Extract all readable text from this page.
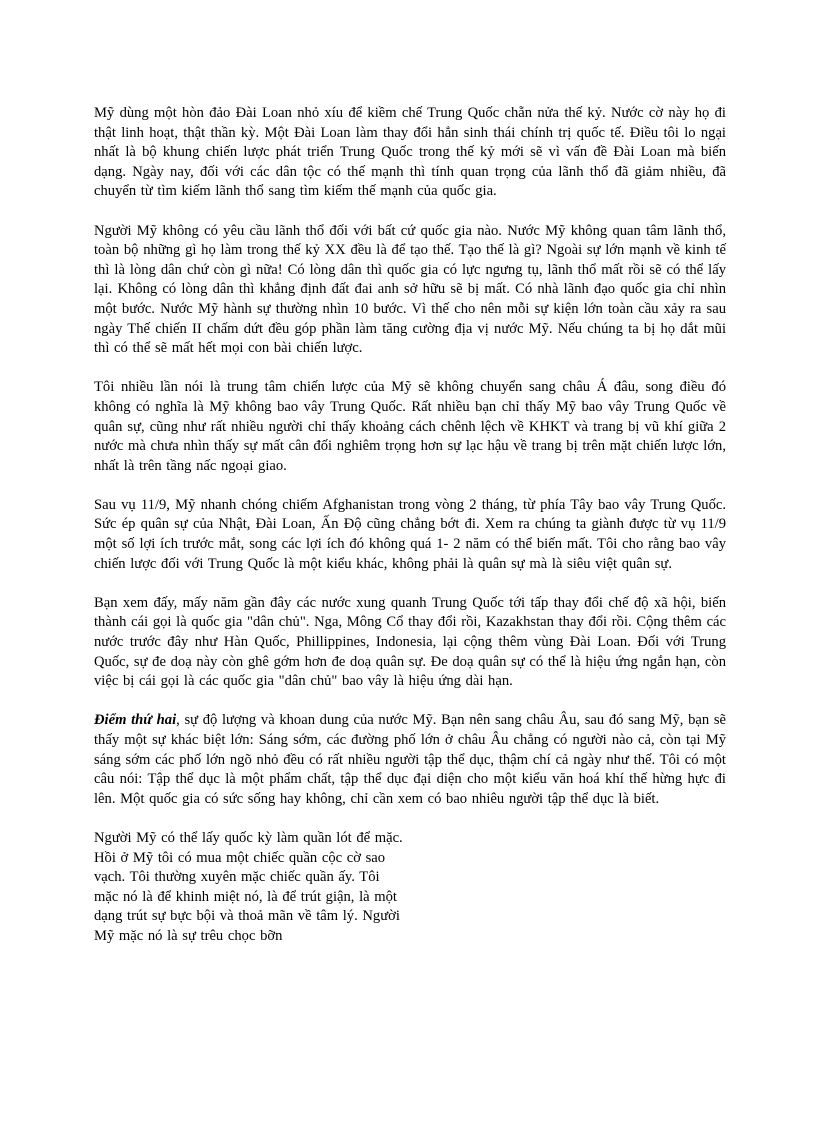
Mỹ dùng một hòn đảo Đài Loan nhỏ xíu để kiềm chế Trung Quốc chẵn nửa thế kỷ. Nước cờ này họ đi thật linh hoạt, thật thần kỳ. Một Đài Loan làm thay đổi hẳn sinh thái chính trị quốc tế. Điều tôi lo ngại nhất là bộ khung chiến lược phát triển Trung Quốc trong thế kỷ mới sẽ vì vấn đề Đài Loan mà biến dạng. Ngày nay, đối với các dân tộc có thế mạnh thì tính quan trọng của lãnh thổ đã giảm nhiều, đã chuyển từ tìm kiếm lãnh thổ sang tìm kiếm thế mạnh của quốc gia.

Người Mỹ không có yêu cầu lãnh thổ đối với bất cứ quốc gia nào. Nước Mỹ không quan tâm lãnh thổ, toàn bộ những gì họ làm trong thế kỷ XX đều là để tạo thế. Tạo thế là gì? Ngoài sự lớn mạnh về kinh tế thì là lòng dân chứ còn gì nữa! Có lòng dân thì quốc gia có lực ngưng tụ, lãnh thổ mất rồi sẽ có thể lấy lại. Không có lòng dân thì khẳng định đất đai anh sở hữu sẽ bị mất. Có nhà lãnh đạo quốc gia chỉ nhìn một bước. Nước Mỹ hành sự thường nhìn 10 bước. Vì thế cho nên mỗi sự kiện lớn toàn cầu xảy ra sau ngày Thế chiến II chấm dứt đều góp phần làm tăng cường địa vị nước Mỹ. Nếu chúng ta bị họ dắt mũi thì có thể sẽ mất hết mọi con bài chiến lược.

Tôi nhiều lần nói là trung tâm chiến lược của Mỹ sẽ không chuyển sang châu Á đâu, song điều đó không có nghĩa là Mỹ không bao vây Trung Quốc. Rất nhiều bạn chỉ thấy Mỹ bao vây Trung Quốc về quân sự, cũng như rất nhiều người chỉ thấy khoảng cách chênh lệch về KHKT và trang bị vũ khí giữa 2 nước mà chưa nhìn thấy sự mất cân đối nghiêm trọng hơn sự lạc hậu về trang bị trên mặt chiến lược lớn, nhất là trên tầng nấc ngoại giao.

Sau vụ 11/9, Mỹ nhanh chóng chiếm Afghanistan trong vòng 2 tháng, từ phía Tây bao vây Trung Quốc. Sức ép quân sự của Nhật, Đài Loan, Ấn Độ cũng chẳng bớt đi. Xem ra chúng ta giành được từ vụ 11/9 một số lợi ích trước mắt, song các lợi ích đó không quá 1- 2 năm có thể biến mất. Tôi cho rằng bao vây chiến lược đối với Trung Quốc là một kiểu khác, không phải là quân sự mà là siêu việt quân sự.

Bạn xem đấy, mấy năm gần đây các nước xung quanh Trung Quốc tới tấp thay đổi chế độ xã hội, biến thành cái gọi là quốc gia "dân chủ". Nga, Mông Cổ thay đổi rồi, Kazakhstan thay đổi rồi. Cộng thêm các nước trước đây như Hàn Quốc, Phillippines, Indonesia, lại cộng thêm vùng Đài Loan. Đối với Trung Quốc, sự đe doạ này còn ghê gớm hơn đe doạ quân sự. Đe doạ quân sự có thể là hiệu ứng ngắn hạn, còn việc bị cái gọi là các quốc gia "dân chủ" bao vây là hiệu ứng dài hạn.

Điểm thứ hai, sự độ lượng và khoan dung của nước Mỹ. Bạn nên sang châu Âu, sau đó sang Mỹ, bạn sẽ thấy một sự khác biệt lớn: Sáng sớm, các đường phố lớn ở châu Âu chẳng có người nào cả, còn tại Mỹ sáng sớm các phố lớn ngõ nhỏ đều có rất nhiều người tập thể dục, thậm chí cả ngày như thế. Tôi có một câu nói: Tập thể dục là một phẩm chất, tập thể dục đại diện cho một kiểu văn hoá khí thế hừng hực đi lên. Một quốc gia có sức sống hay không, chỉ cần xem có bao nhiêu người tập thể dục là biết.

Người Mỹ có thể lấy quốc kỳ làm quần lót để mặc. Hồi ở Mỹ tôi có mua một chiếc quần cộc cờ sao vạch. Tôi thường xuyên mặc chiếc quần ấy. Tôi mặc nó là để khinh miệt nó, là để trút giận, là một dạng trút sự bực bội và thoả mãn về tâm lý. Người Mỹ mặc nó là sự trêu chọc bỡn
